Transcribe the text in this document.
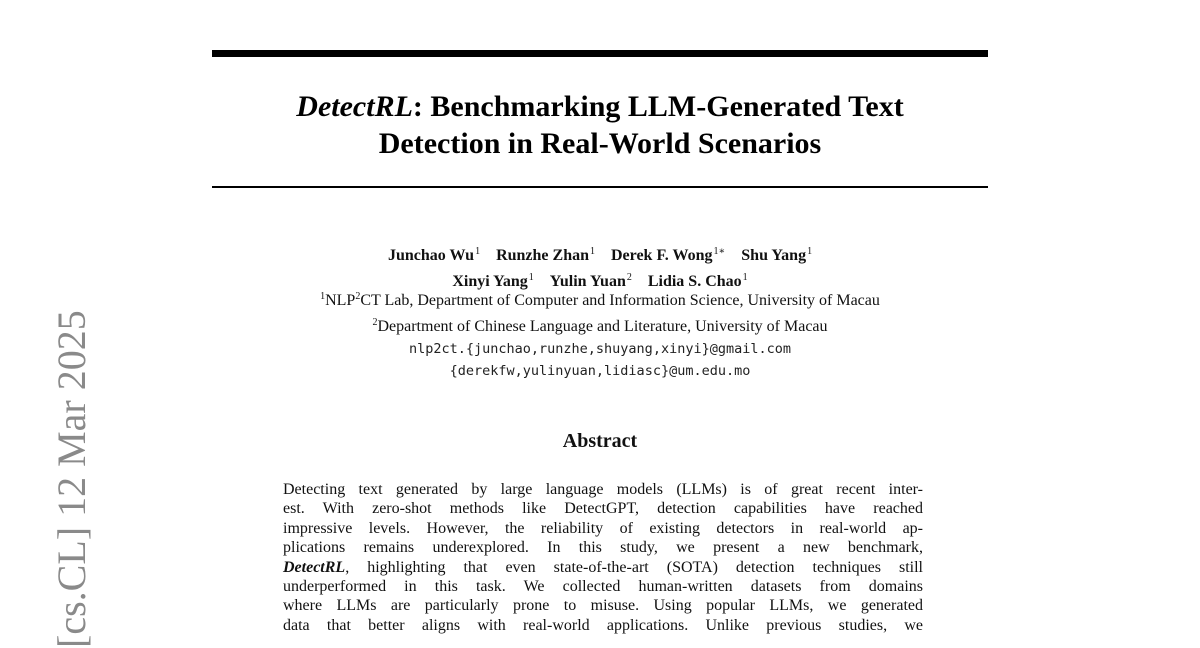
[cs.CL] 12 Mar 2025
DetectRL: Benchmarking LLM-Generated Text
Detection in Real-World Scenarios
Junchao Wu$^1$ Runzhe Zhan$^1$ Derek F. Wong$^{1∗}$ Shu Yang$^1$
Xinyi Yang$^1$ Yulin Yuan$^2$ Lidia S. Chao$^1$
$^1$NLP$^2$CT Lab, Department of Computer and Information Science, University of Macau
$^2$Department of Chinese Language and Literature, University of Macau
nlp2ct.{junchao,runzhe,shuyang,xinyi}@gmail.com
{derekfw,yulinyuan,lidiasc}@um.edu.mo
Abstract
Detecting text generated by large language models (LLMs) is of great recent inter-
est. With zero-shot methods like DetectGPT, detection capabilities have reached
impressive levels. However, the reliability of existing detectors in real-world ap-
plications remains underexplored. In this study, we present a new benchmark,
DetectRL, highlighting that even state-of-the-art (SOTA) detection techniques still
underperformed in this task. We collected human-written datasets from domains
where LLMs are particularly prone to misuse. Using popular LLMs, we generated
data that better aligns with real-world applications. Unlike previous studies, we
